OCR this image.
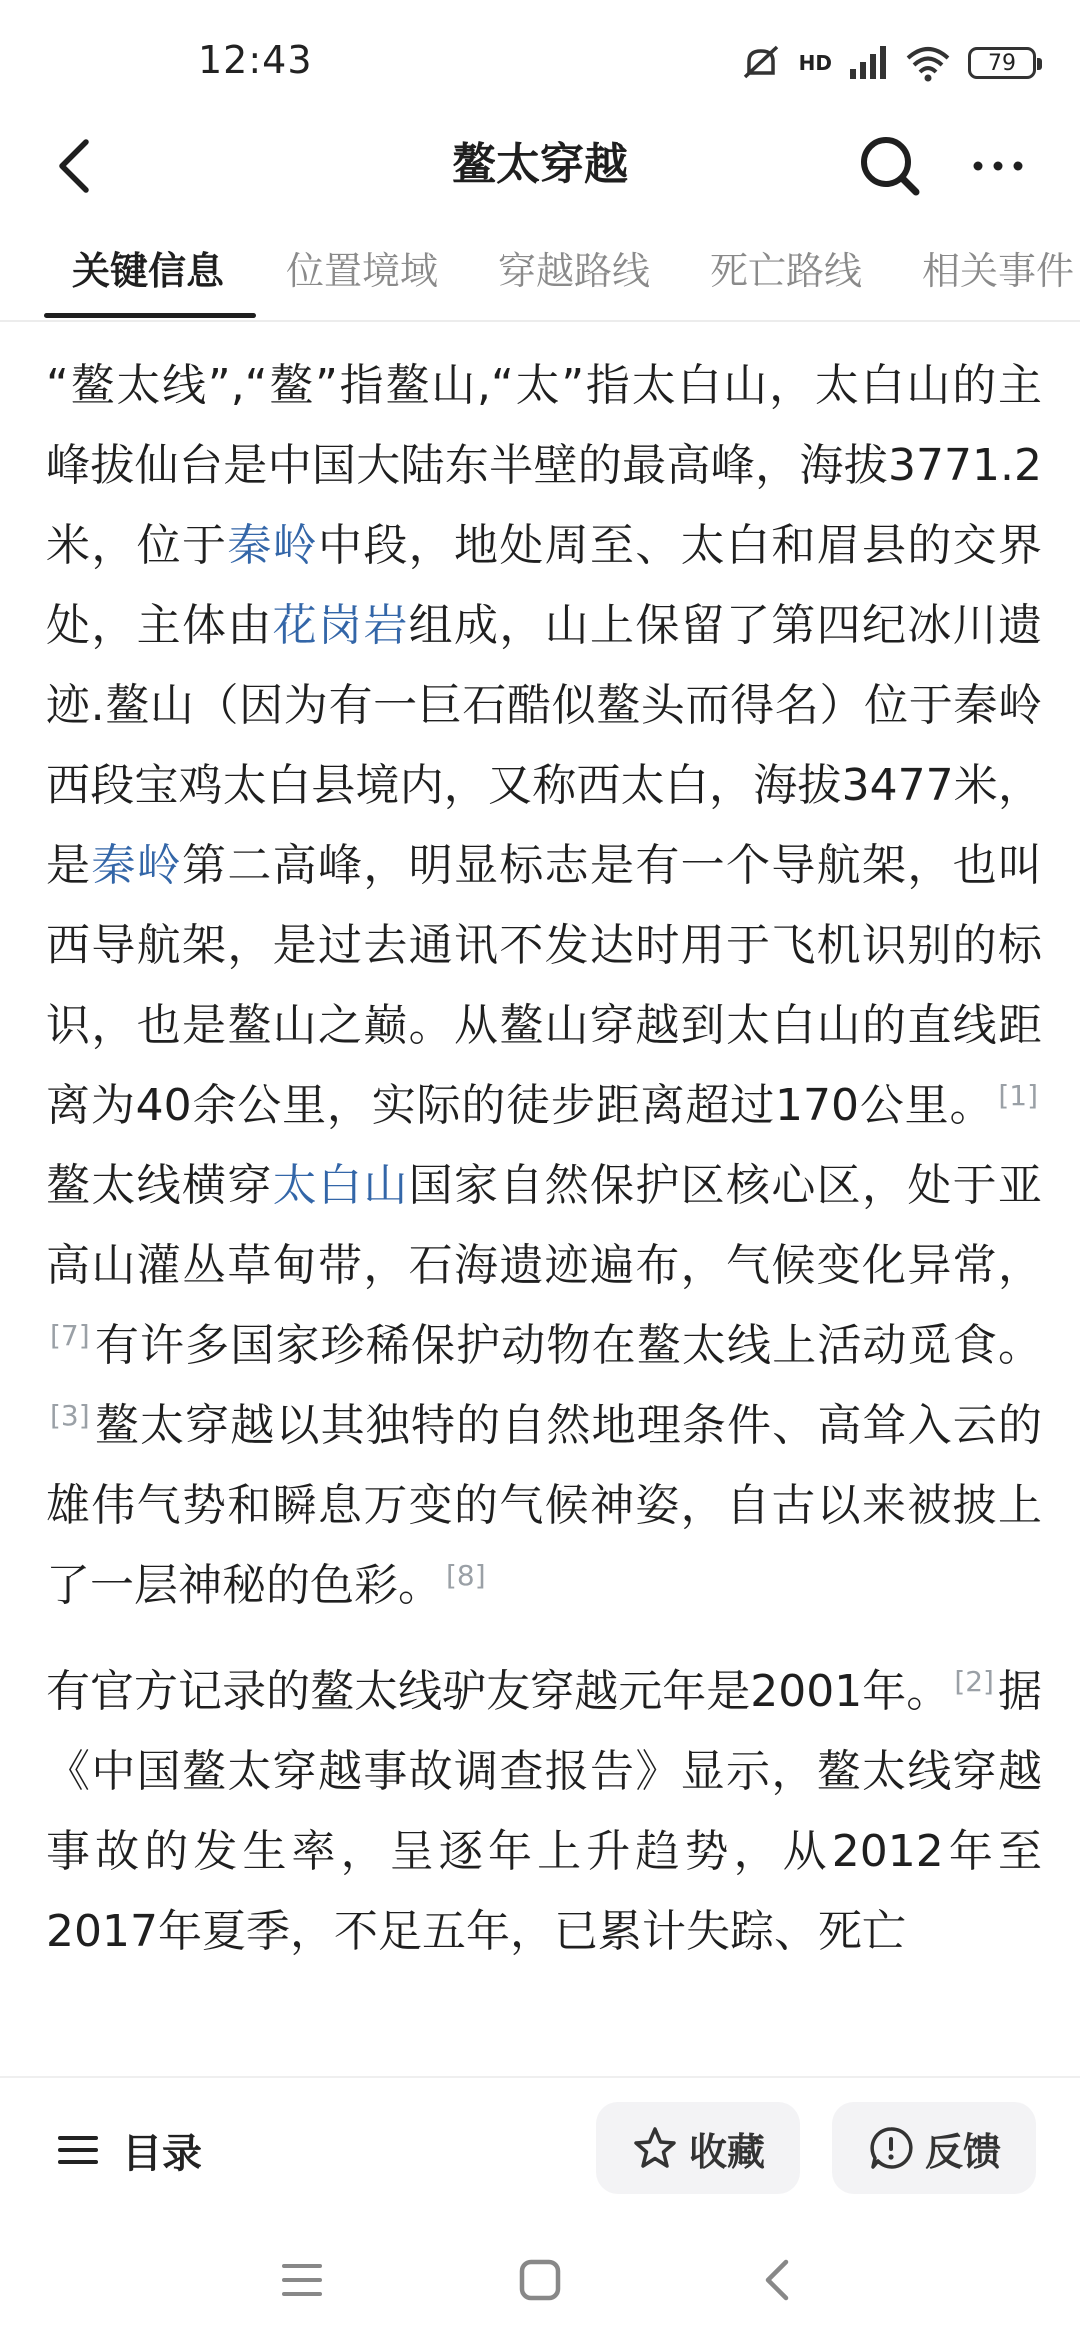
12:43	HD	79
鳌太穿越
关键信息 位置境域 穿越路线 死亡路线 相关事件

“鳌太线”,“鳌”指鳌山,“太”指太白山，太白山的主峰拔仙台是中国大陆东半壁的最高峰，海拔3771.2米，位于秦岭中段，地处周至、太白和眉县的交界处，主体由花岗岩组成，山上保留了第四纪冰川遗迹.鳌山（因为有一巨石酷似鳌头而得名）位于秦岭西段宝鸡太白县境内，又称西太白，海拔3477米，是秦岭第二高峰，明显标志是有一个导航架，也叫西导航架，是过去通讯不发达时用于飞机识别的标识，也是鳌山之巅。从鳌山穿越到太白山的直线距离为40余公里，实际的徒步距离超过170公里。 [1]鳌太线横穿太白山国家自然保护区核心区，处于亚高山灌丛草甸带，石海遗迹遍布，气候变化异常，[7]有许多国家珍稀保护动物在鳌太线上活动觅食。[3]鳌太穿越以其独特的自然地理条件、高耸入云的雄伟气势和瞬息万变的气候神姿，自古以来被披上了一层神秘的色彩。 [8]

有官方记录的鳌太线驴友穿越元年是2001年。 [2]据《中国鳌太穿越事故调查报告》显示，鳌太线穿越事故的发生率，呈逐年上升趋势，从2012年至2017年夏季，不足五年，已累计失踪、死亡

目录	收藏	反馈
